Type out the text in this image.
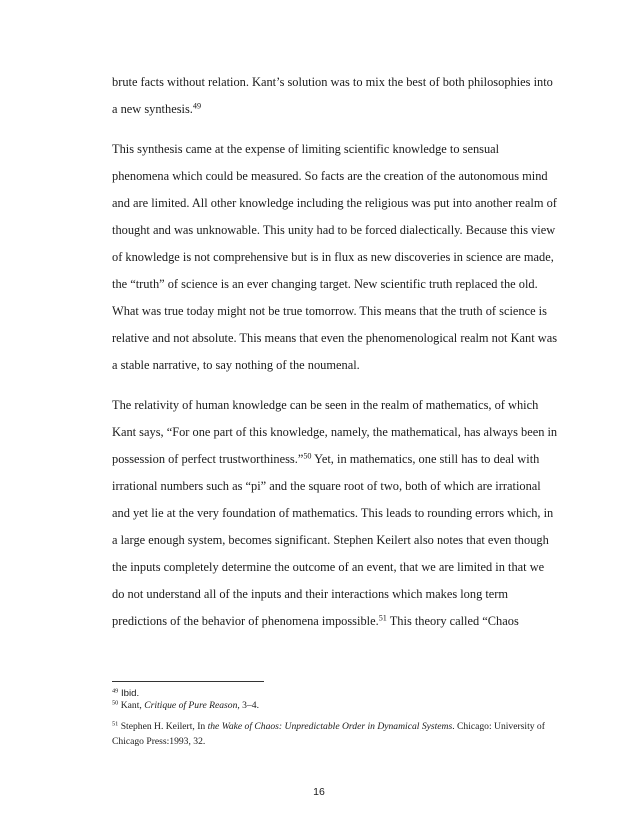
brute facts without relation. Kant’s solution was to mix the best of both philosophies into
a new synthesis.$^{49}$
This synthesis came at the expense of limiting scientific knowledge to sensual
phenomena which could be measured. So facts are the creation of the autonomous mind
and are limited. All other knowledge including the religious was put into another realm of
thought and was unknowable. This unity had to be forced dialectically. Because this view
of knowledge is not comprehensive but is in flux as new discoveries in science are made,
the “truth” of science is an ever changing target. New scientific truth replaced the old.
What was true today might not be true tomorrow. This means that the truth of science is
relative and not absolute. This means that even the phenomenological realm not Kant was
a stable narrative, to say nothing of the noumenal.
The relativity of human knowledge can be seen in the realm of mathematics, of which
Kant says, “For one part of this knowledge, namely, the mathematical, has always been in
possession of perfect trustworthiness.”$^{50}$ Yet, in mathematics, one still has to deal with
irrational numbers such as “pi” and the square root of two, both of which are irrational
and yet lie at the very foundation of mathematics. This leads to rounding errors which, in
a large enough system, becomes significant. Stephen Keilert also notes that even though
the inputs completely determine the outcome of an event, that we are limited in that we
do not understand all of the inputs and their interactions which makes long term
predictions of the behavior of phenomena impossible.$^{51}$ This theory called “Chaos
$^{49}$ Ibid.
$^{50}$ Kant, Critique of Pure Reason, 3–4.
$^{51}$ Stephen H. Keilert, In the Wake of Chaos: Unpredictable Order in Dynamical Systems. Chicago: University of
Chicago Press:1993, 32.
16
